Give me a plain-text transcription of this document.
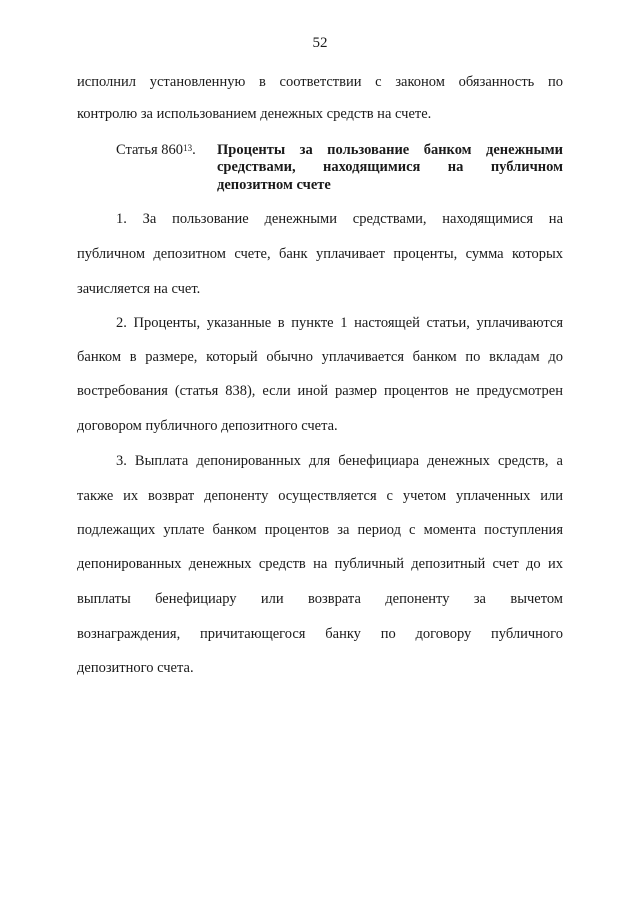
52
исполнил установленную в соответствии с законом обязанность по
контролю за использованием денежных средств на счете.
Статья $860^{13}$. Проценты за пользование банком денежными
средствами, находящимися на публичном
депозитном счете
1. За пользование денежными средствами, находящимися на
публичном депозитном счете, банк уплачивает проценты, сумма которых
зачисляется на счет.
2. Проценты, указанные в пункте 1 настоящей статьи, уплачиваются
банком в размере, который обычно уплачивается банком по вкладам до
востребования (статья 838), если иной размер процентов не предусмотрен
договором публичного депозитного счета.
3. Выплата депонированных для бенефициара денежных средств, а
также их возврат депоненту осуществляется с учетом уплаченных или
подлежащих уплате банком процентов за период с момента поступления
депонированных денежных средств на публичный депозитный счет до их
выплаты бенефициару или возврата депоненту за вычетом
вознаграждения, причитающегося банку по договору публичного
депозитного счета.
